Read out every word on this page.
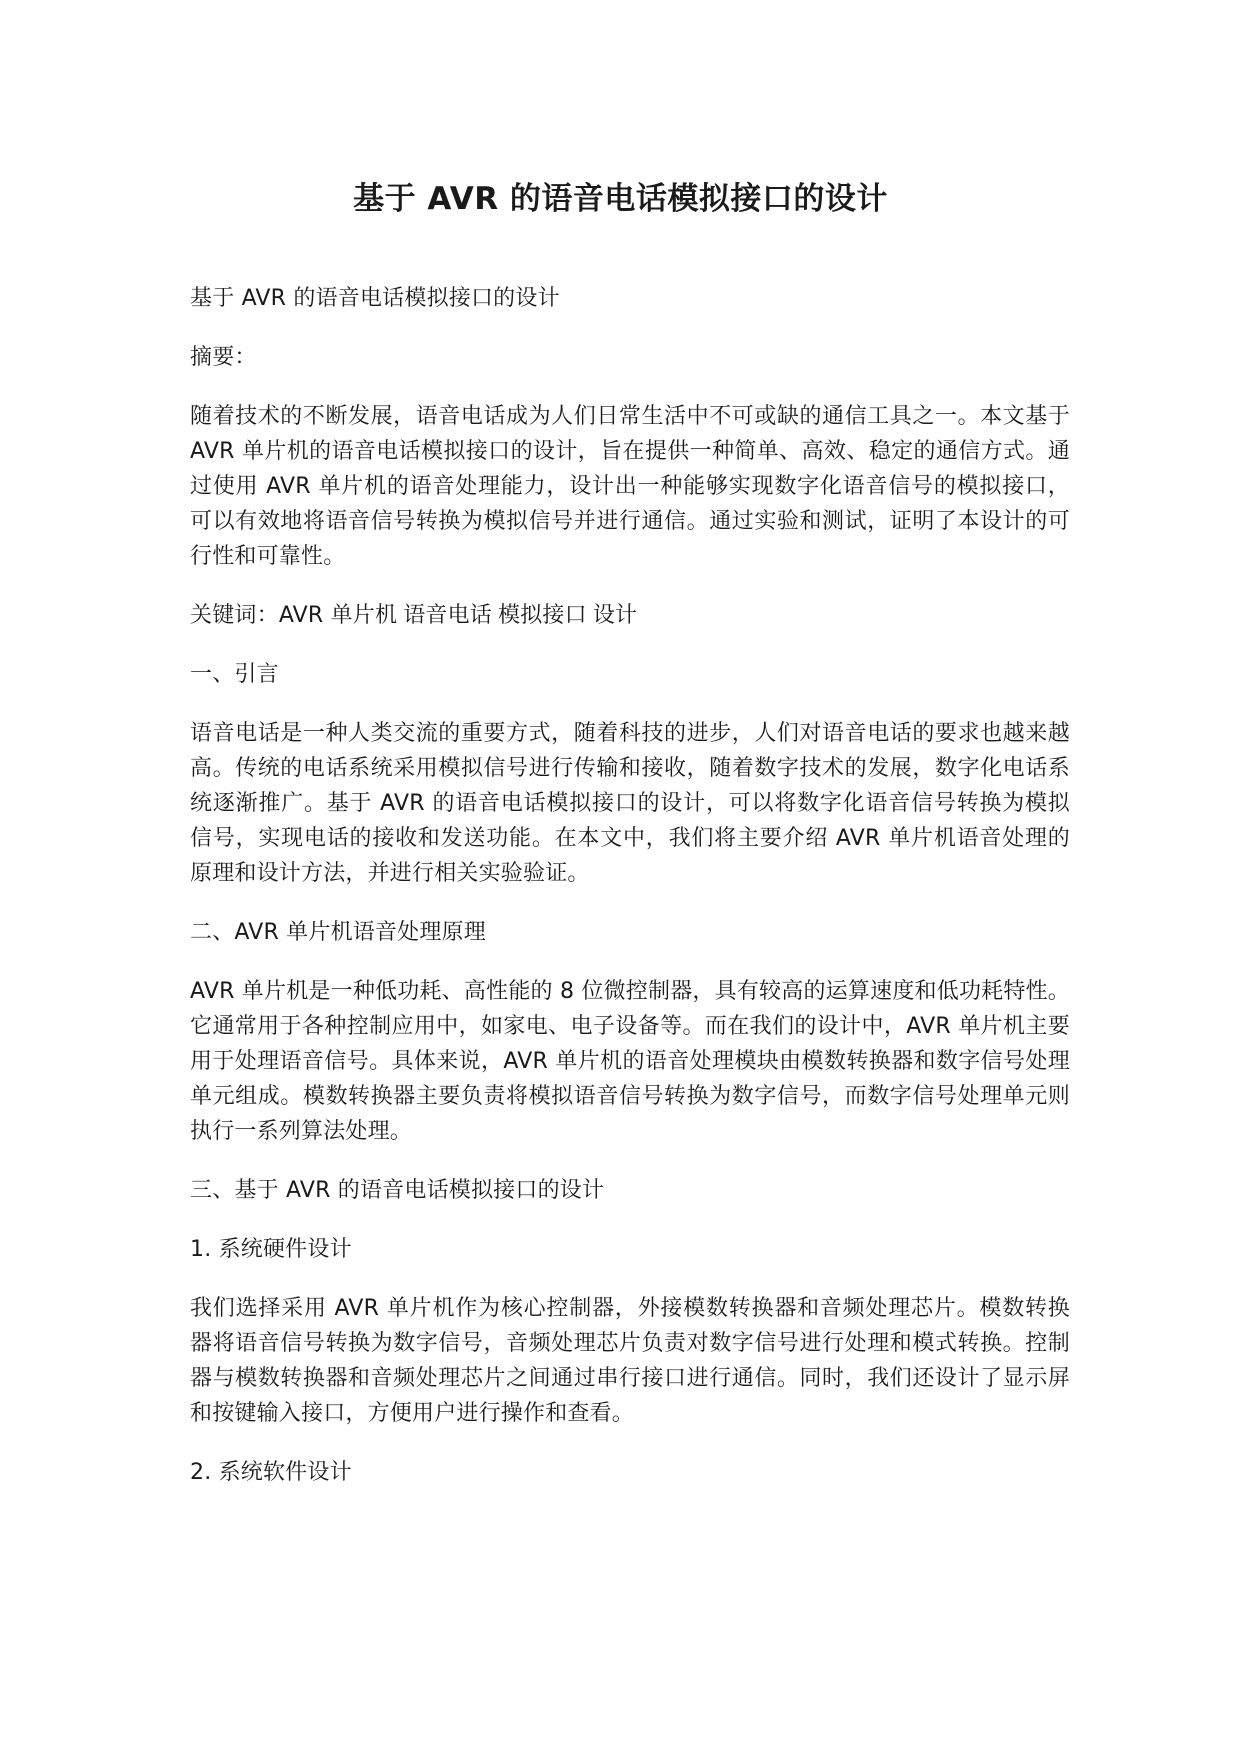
基于 AVR 的语音电话模拟接口的设计

基于 AVR 的语音电话模拟接口的设计

摘要：

随着技术的不断发展，语音电话成为人们日常生活中不可或缺的通信工具之一。本文基于 AVR 单片机的语音电话模拟接口的设计，旨在提供一种简单、高效、稳定的通信方式。通过使用 AVR 单片机的语音处理能力，设计出一种能够实现数字化语音信号的模拟接口，可以有效地将语音信号转换为模拟信号并进行通信。通过实验和测试，证明了本设计的可行性和可靠性。

关键词：AVR 单片机 语音电话 模拟接口 设计

一、引言

语音电话是一种人类交流的重要方式，随着科技的进步，人们对语音电话的要求也越来越高。传统的电话系统采用模拟信号进行传输和接收，随着数字技术的发展，数字化电话系统逐渐推广。基于 AVR 的语音电话模拟接口的设计，可以将数字化语音信号转换为模拟信号，实现电话的接收和发送功能。在本文中，我们将主要介绍 AVR 单片机语音处理的原理和设计方法，并进行相关实验验证。

二、AVR 单片机语音处理原理

AVR 单片机是一种低功耗、高性能的 8 位微控制器，具有较高的运算速度和低功耗特性。它通常用于各种控制应用中，如家电、电子设备等。而在我们的设计中，AVR 单片机主要用于处理语音信号。具体来说，AVR 单片机的语音处理模块由模数转换器和数字信号处理单元组成。模数转换器主要负责将模拟语音信号转换为数字信号，而数字信号处理单元则执行一系列算法处理。

三、基于 AVR 的语音电话模拟接口的设计

1. 系统硬件设计

我们选择采用 AVR 单片机作为核心控制器，外接模数转换器和音频处理芯片。模数转换器将语音信号转换为数字信号，音频处理芯片负责对数字信号进行处理和模式转换。控制器与模数转换器和音频处理芯片之间通过串行接口进行通信。同时，我们还设计了显示屏和按键输入接口，方便用户进行操作和查看。

2. 系统软件设计
